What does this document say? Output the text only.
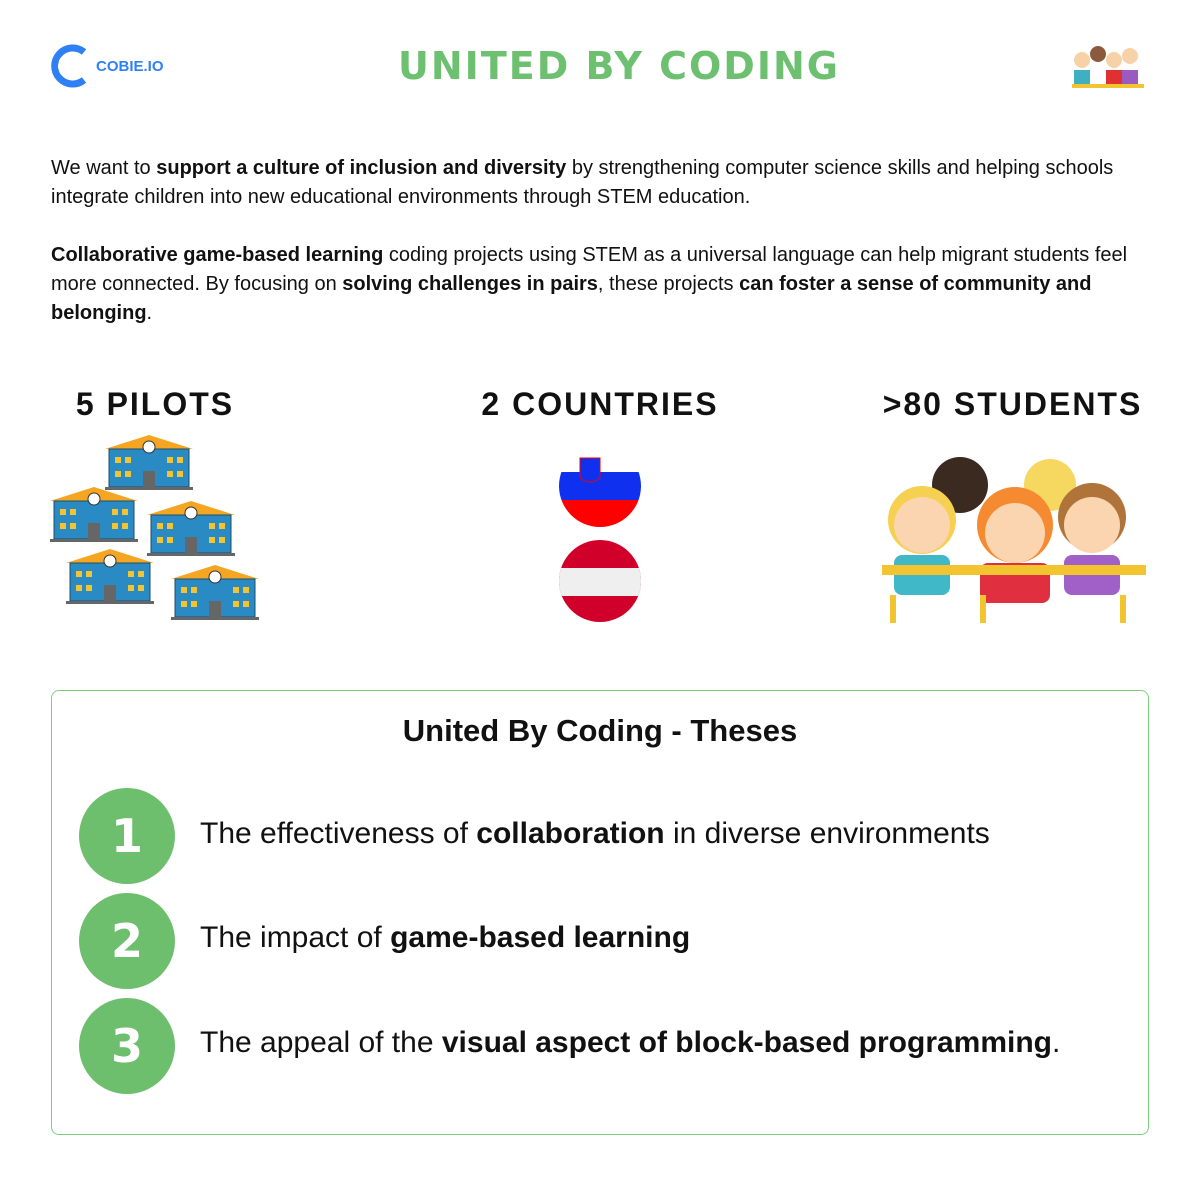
COBIE.IO	UNITED BY CODING

We want to support a culture of inclusion and diversity by strengthening computer science skills and helping schools integrate children into new educational environments through STEM education.

Collaborative game-based learning coding projects using STEM as a universal language can help migrant students feel more connected. By focusing on solving challenges in pairs, these projects can foster a sense of community and belonging.

5 PILOTS	2 COUNTRIES	>80 STUDENTS
United By Coding - Theses
1	The effectiveness of collaboration in diverse environments
2	The impact of game-based learning
3	The appeal of the visual aspect of block-based programming.
